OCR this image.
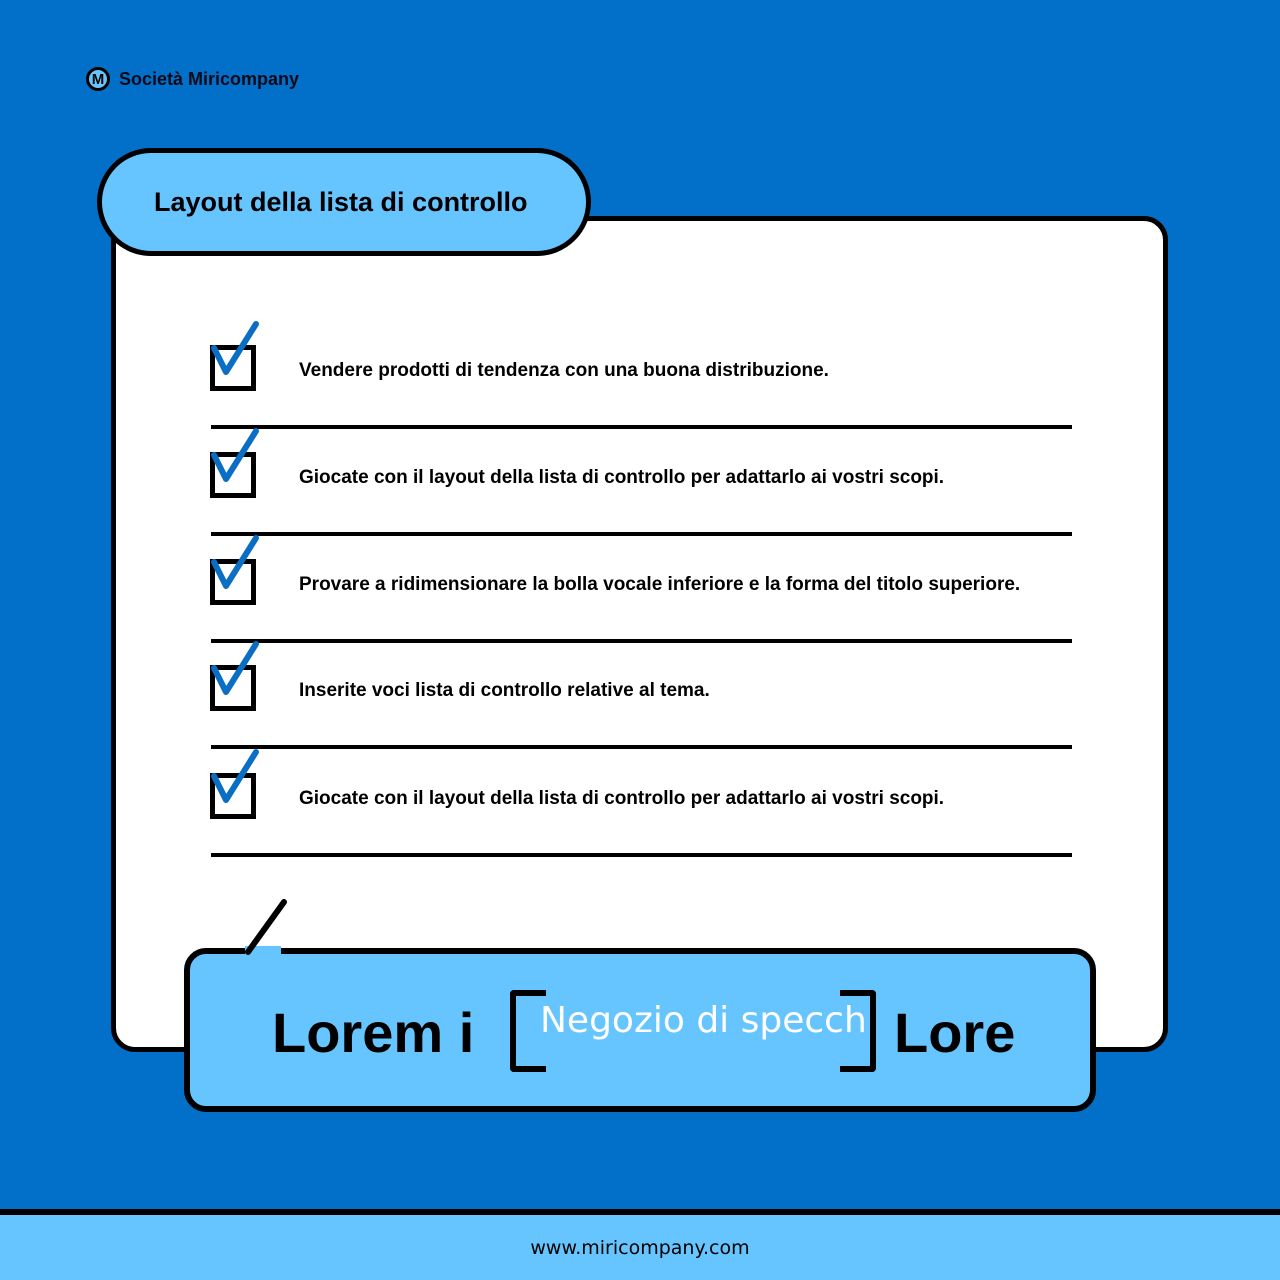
M Società Miricompany
Layout della lista di controllo
Vendere prodotti di tendenza con una buona distribuzione.
Giocate con il layout della lista di controllo per adattarlo ai vostri scopi.
Provare a ridimensionare la bolla vocale inferiore e la forma del titolo superiore.
Inserite voci lista di controllo relative al tema.
Giocate con il layout della lista di controllo per adattarlo ai vostri scopi.
Lorem i Negozio di specchi Lore
www.miricompany.com
